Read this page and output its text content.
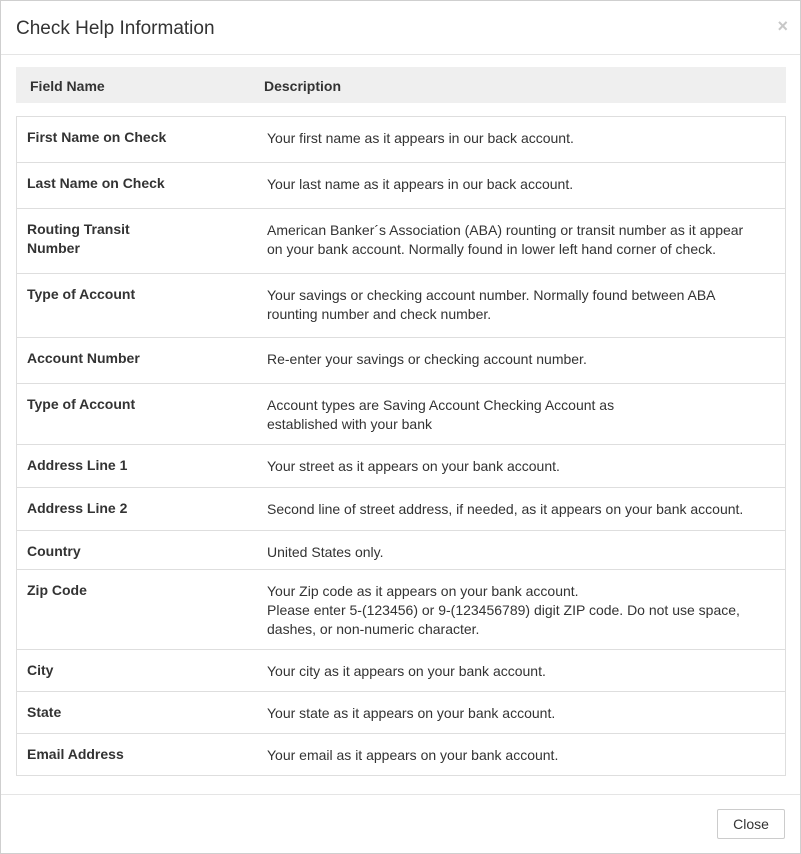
Check Help Information	×
Field Name	Description
First Name on Check	Your first name as it appears in our back account.

Last Name on Check	Your last name as it appears in our back account.

Routing Transit
Number	American Banker´s Association (ABA) rounting or transit number as it appear
on your bank account. Normally found in lower left hand corner of check.

Type of Account	Your savings or checking account number. Normally found between ABA
rounting number and check number.

Account Number	Re-enter your savings or checking account number.

Type of Account	Account types are Saving Account Checking Account as
established with your bank

Address Line 1	Your street as it appears on your bank account.

Address Line 2	Second line of street address, if needed, as it appears on your bank account.

Country	United States only.

Zip Code	Your Zip code as it appears on your bank account.
Please enter 5-(123456) or 9-(123456789) digit ZIP code. Do not use space,
dashes, or non-numeric character.

City	Your city as it appears on your bank account.

State	Your state as it appears on your bank account.

Email Address	Your email as it appears on your bank account.
Close
